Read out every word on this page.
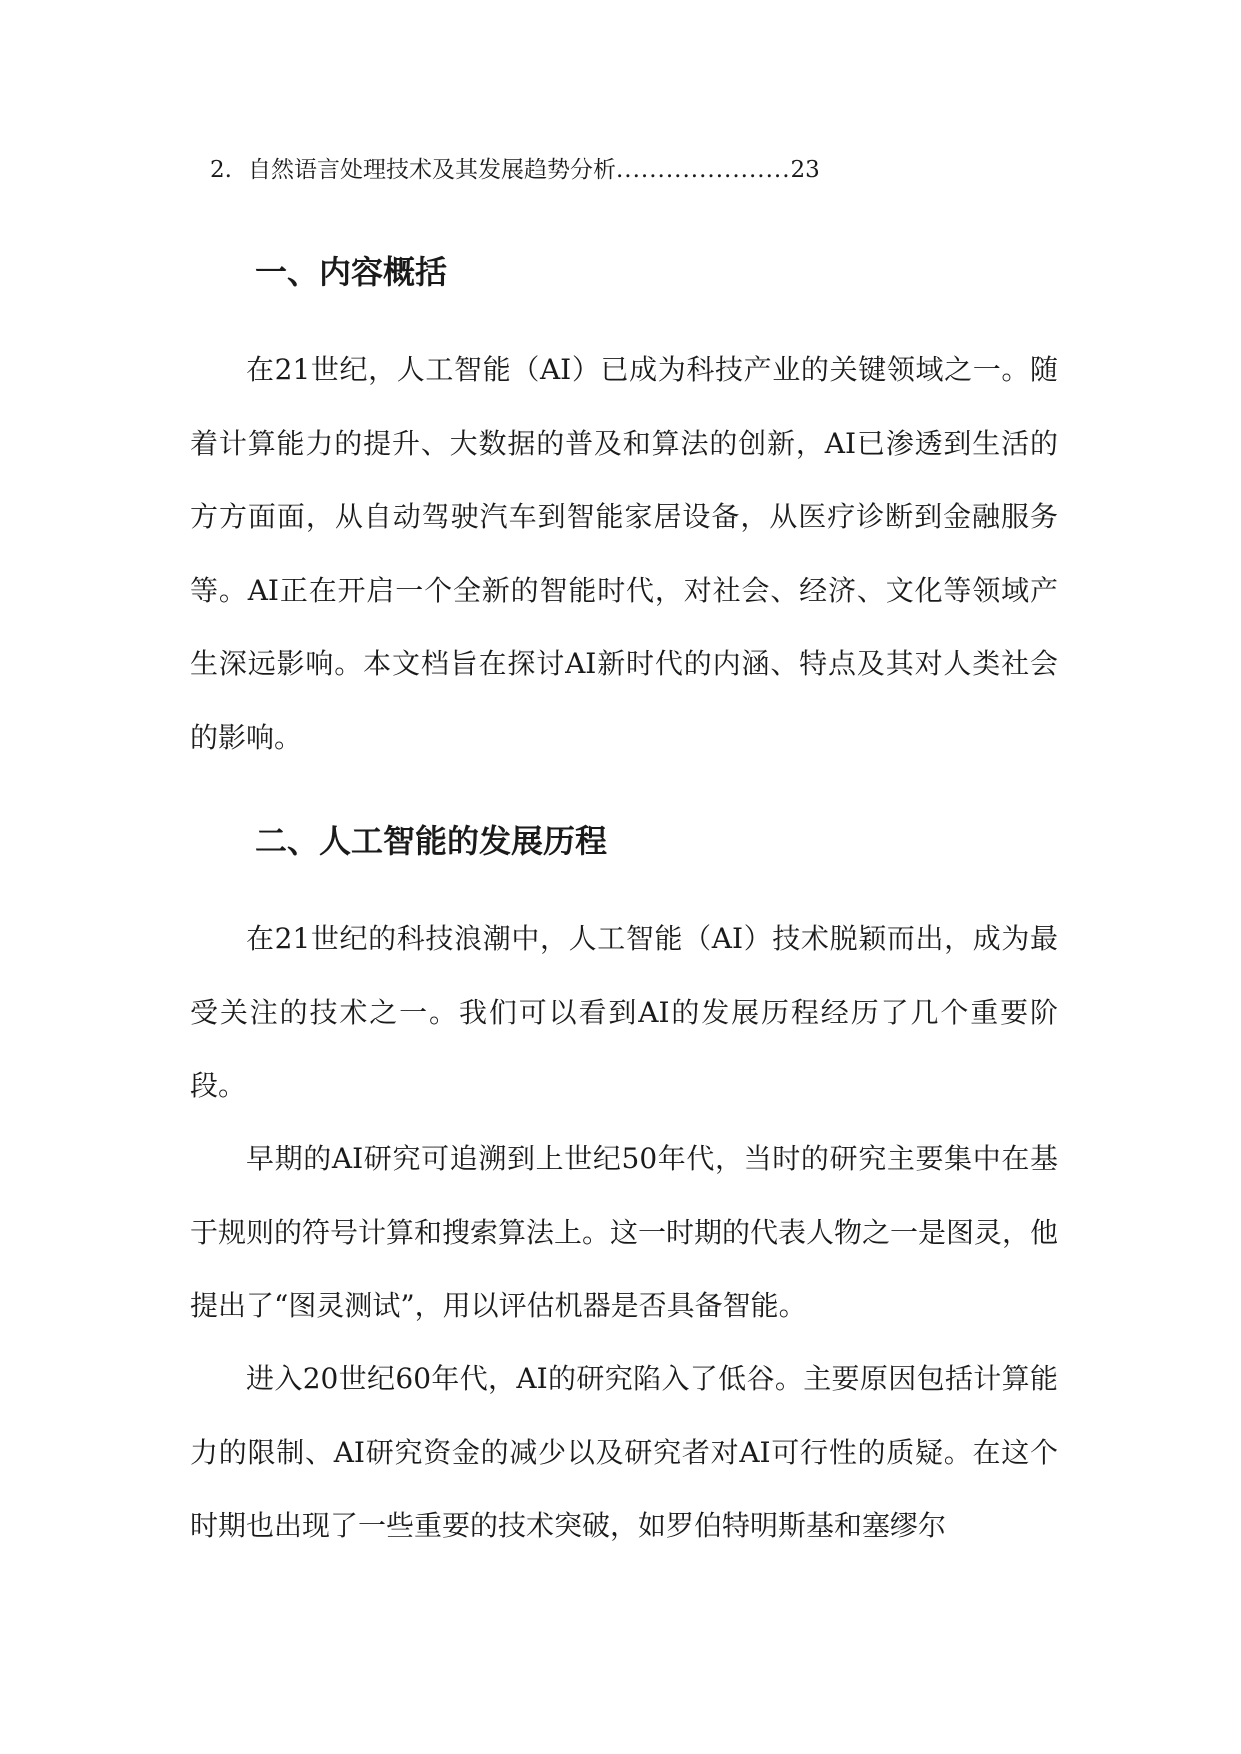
2. 自然语言处理技术及其发展趋势分析.....................23
一、内容概括

在21世纪，人工智能（AI）已成为科技产业的关键领域之一。随着计算能力的提升、大数据的普及和算法的创新，AI已渗透到生活的方方面面，从自动驾驶汽车到智能家居设备，从医疗诊断到金融服务等。AI正在开启一个全新的智能时代，对社会、经济、文化等领域产生深远影响。本文档旨在探讨AI新时代的内涵、特点及其对人类社会的影响。

二、人工智能的发展历程

在21世纪的科技浪潮中，人工智能（AI）技术脱颖而出，成为最受关注的技术之一。我们可以看到AI的发展历程经历了几个重要阶段。

早期的AI研究可追溯到上世纪50年代，当时的研究主要集中在基于规则的符号计算和搜索算法上。这一时期的代表人物之一是图灵，他提出了“图灵测试”，用以评估机器是否具备智能。

进入20世纪60年代，AI的研究陷入了低谷。主要原因包括计算能力的限制、AI研究资金的减少以及研究者对AI可行性的质疑。在这个时期也出现了一些重要的技术突破，如罗伯特明斯基和塞缪尔
